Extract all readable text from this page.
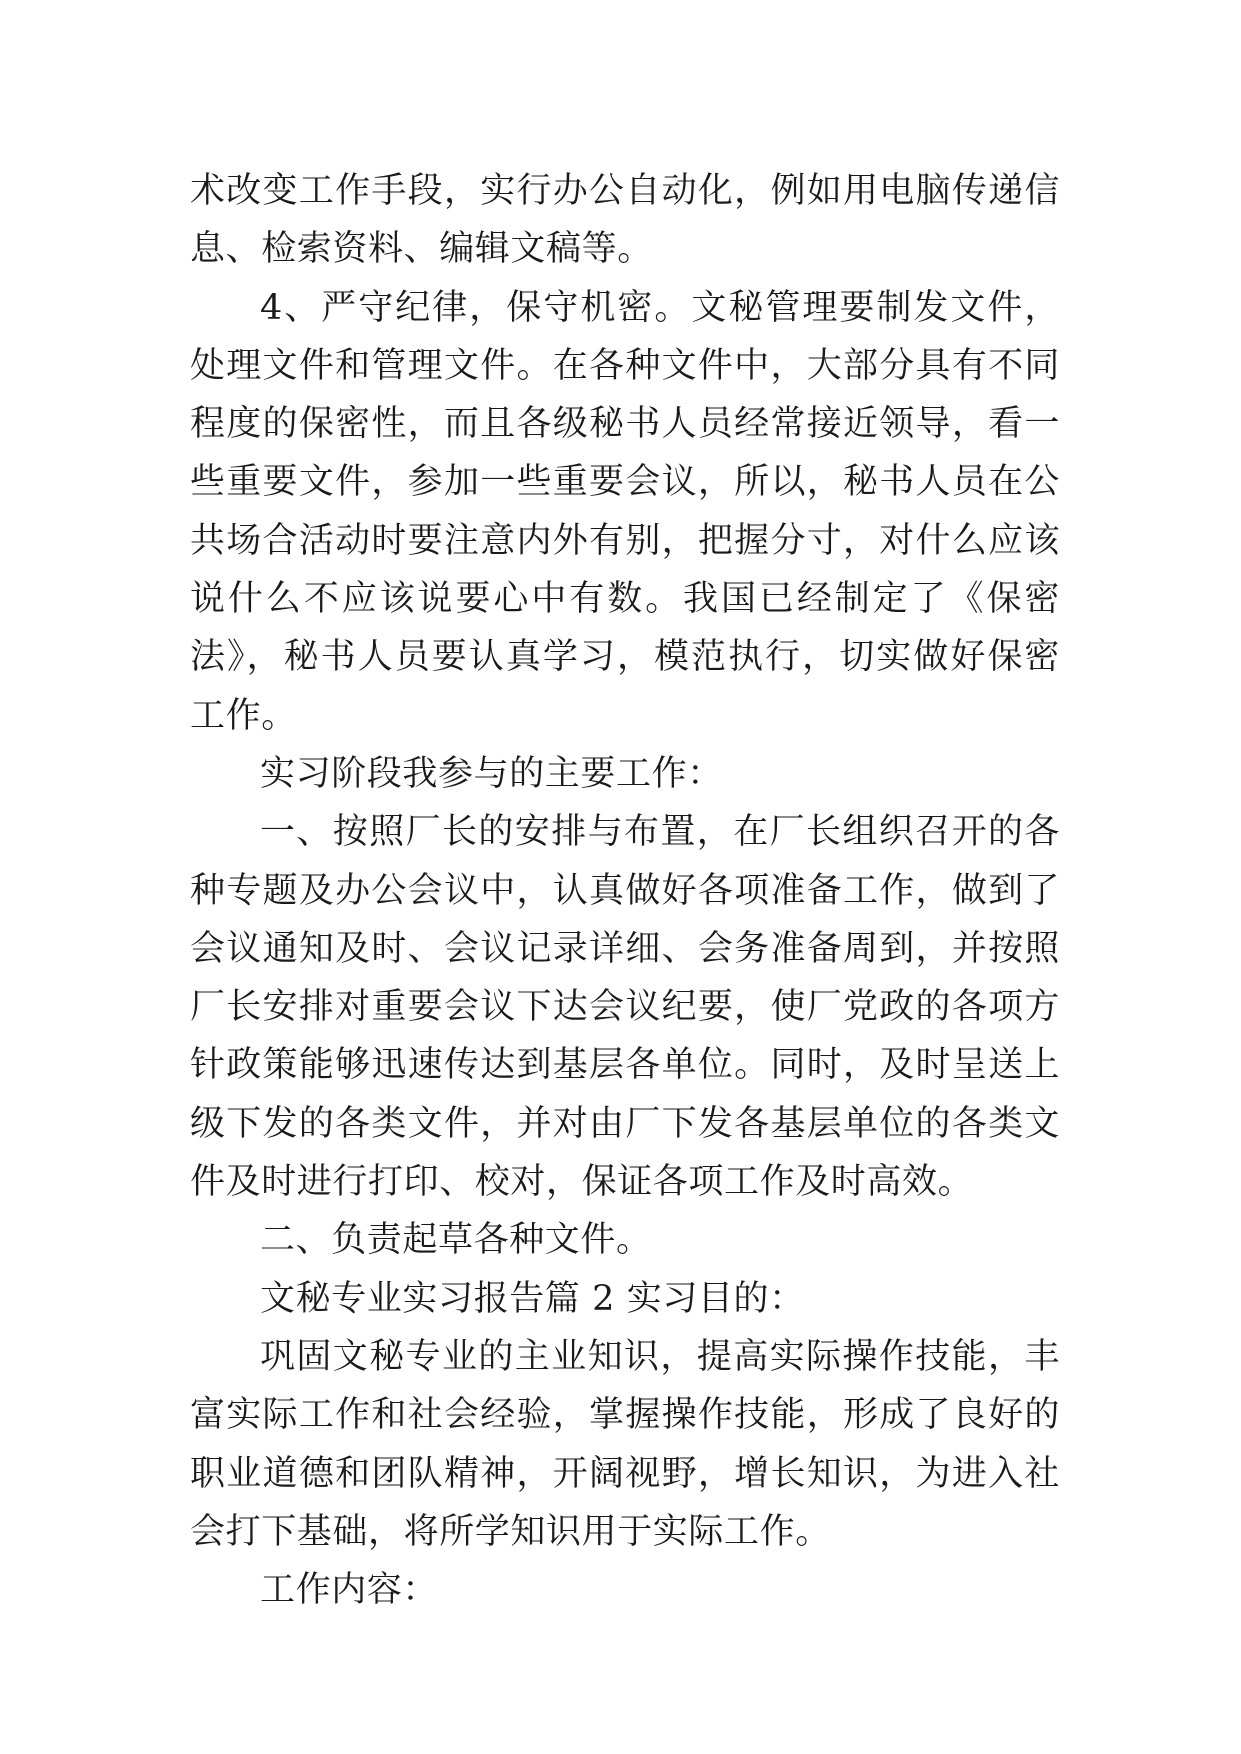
术改变工作手段，实行办公自动化，例如用电脑传递信息、检索资料、编辑文稿等。

4、严守纪律，保守机密。文秘管理要制发文件，处理文件和管理文件。在各种文件中，大部分具有不同程度的保密性，而且各级秘书人员经常接近领导，看一些重要文件，参加一些重要会议，所以，秘书人员在公共场合活动时要注意内外有别，把握分寸，对什么应该说什么不应该说要心中有数。我国已经制定了《保密法》，秘书人员要认真学习，模范执行，切实做好保密工作。

实习阶段我参与的主要工作：

一、按照厂长的安排与布置，在厂长组织召开的各种专题及办公会议中，认真做好各项准备工作，做到了会议通知及时、会议记录详细、会务准备周到，并按照厂长安排对重要会议下达会议纪要，使厂党政的各项方针政策能够迅速传达到基层各单位。同时，及时呈送上级下发的各类文件，并对由厂下发各基层单位的各类文件及时进行打印、校对，保证各项工作及时高效。

二、负责起草各种文件。

文秘专业实习报告篇 2 实习目的：

巩固文秘专业的主业知识，提高实际操作技能，丰富实际工作和社会经验，掌握操作技能，形成了良好的职业道德和团队精神，开阔视野，增长知识，为进入社会打下基础，将所学知识用于实际工作。

工作内容：
